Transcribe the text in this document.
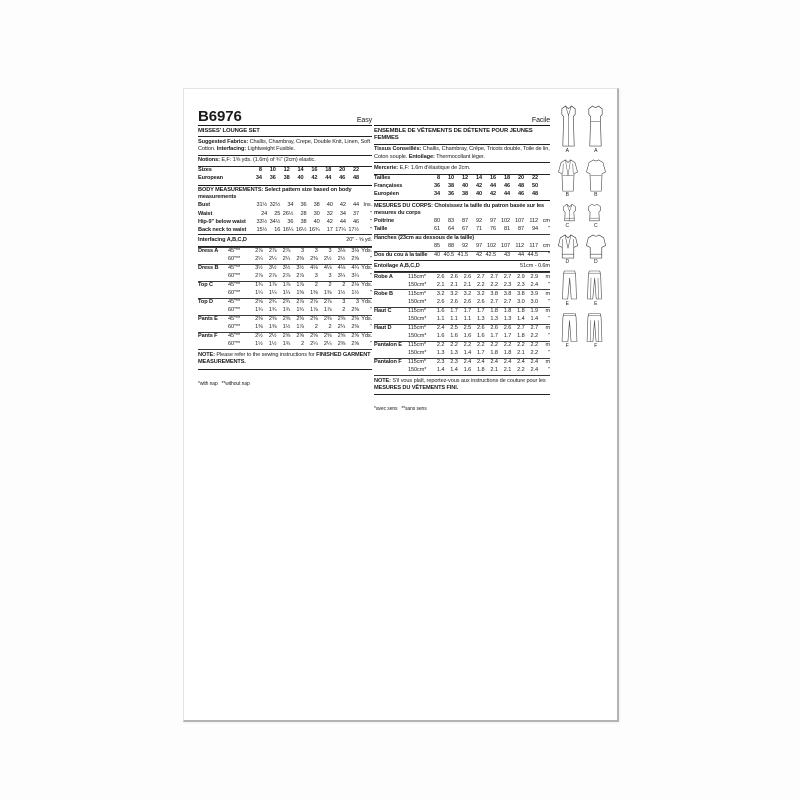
B6976	Easy
MISSES' LOUNGE SET
Suggested Fabrics: Challis, Chambray, Crepe, Double Knit, Linen, Soft Cotton. Interfacing: Lightweight Fusible.
Notions: E,F: 1⅝ yds. (1.6m) of ¾" (2cm) elastic.
Sizes	8	10	12	14	16	18	20	22
European	34	36	38	40	42	44	46	48
BODY MEASUREMENTS: Select pattern size based on body measurements
Bust	31½ 32½	34	36	38	40	42	44 Ins.
Waist	24	25 26½	28	30	32	34	37	"
Hip-9" below waist	33½ 34½	36	38	40	42	44	46	"
Back neck to waist	15½	16 16¼ 16½ 16¾	17 17¼ 17½	"
Interfacing A,B,C,D	20" - ⅝ yd.
Dress A	45"**	2⅞	2⅞	2⅞	3	3	3	3⅛	3⅛ Yds.
60"**	2¼	2¼	2¼	2⅜	2⅜	2½	2½	2⅝	"
Dress B	45"**	3½	3½	3½	3½	4⅛	4⅛	4⅛	4¼ Yds.
60"**	2⅞	2⅞	2⅞	2⅞	3	3	3¼	3¼	"
Top C	45"**	1¾	1⅞	1⅞	1⅞	2	2	2	2⅛ Yds.
60"**	1¼	1¼	1¼	1⅜	1⅜	1⅜	1½	1½	"
Top D	45"**	2⅝	2¾	2¾	2⅞	2⅞	2⅞	3	3 Yds.
60"**	1¾	1¾	1¾	1¾	1⅞	1⅞	2	2⅜	"
Pants E	45"**	2⅜	2⅜	2⅜	2⅜	2⅜	2⅜	2⅜	2⅜ Yds.
60"**	1⅜	1⅜	1½	1⅞	2	2	2¼	2⅜	"
Pants F	45"**	2½	2½	2⅝	2⅝	2⅝	2⅝	2⅝	2⅝ Yds.
60"**	1½	1½	1¾	2	2¼	2¼	2⅜	2⅝	"
NOTE: Please refer to the sewing instructions for FINISHED GARMENT MEASUREMENTS.
*with nap   **without nap
Facile
ENSEMBLE DE VÊTEMENTS DE DÉTENTE POUR JEUNES FEMMES
Tissus Conseillés: Challis, Chambray, Crêpe, Tricots double, Toile de lin, Coton souple. Entoilage: Thermocollant léger.
Mercerie: E,F: 1.6m d'élastique de 2cm.
Tailles	8	10	12	14	16	18	20	22
Françaises	36	38	40	42	44	46	48	50
Européen	34	36	38	40	42	44	46	48
MESURES DU CORPS: Choisissez la taille du patron basée sur les mesures du corps
Poitrine	80	83	87	92	97 102 107 112 cm
Taille	61	64	67	71	76	81	87	94	"
Hanches (23cm au dessous de la taille)
85	88	92	97 102 107 112 117 cm
Dos du cou à la taille	40 40.5 41.5	42 42.5	43	44 44.5	"
Entoilage A,B,C,D	51cm - 0.6m
Robe A	115cm*	2.6	2.6	2.6	2.7	2.7	2.7	2.9	2.9	m
150cm*	2.1	2.1	2.1	2.2	2.2	2.3	2.3	2.4	"
Robe B	115cm*	3.2	3.2	3.2	3.2	3.8	3.8	3.8	3.9	m
150cm*	2.6	2.6	2.6	2.6	2.7	2.7	3.0	3.0	"
Haut C	115cm*	1.6	1.7	1.7	1.7	1.8	1.8	1.8	1.9	m
150cm*	1.1	1.1	1.1	1.3	1.3	1.3	1.4	1.4	"
Haut D	115cm*	2.4	2.5	2.5	2.6	2.6	2.6	2.7	2.7	m
150cm*	1.6	1.6	1.6	1.6	1.7	1.7	1.8	2.2	"
Pantalon E	115cm*	2.2	2.2	2.2	2.2	2.2	2.2	2.2	2.2	m
150cm*	1.3	1.3	1.4	1.7	1.8	1.8	2.1	2.2	"
Pantalon F	115cm*	2.3	2.3	2.4	2.4	2.4	2.4	2.4	2.4	m
150cm*	1.4	1.4	1.6	1.8	2.1	2.1	2.2	2.4	"
NOTE: S'il vous plaît, reportez-vous aux instructions de couture pour les MESURES DU VÊTEMENTS FINI.
*avec sens   **sans sens
A	A
B	B
C	C
D	D
E	E
F	F
